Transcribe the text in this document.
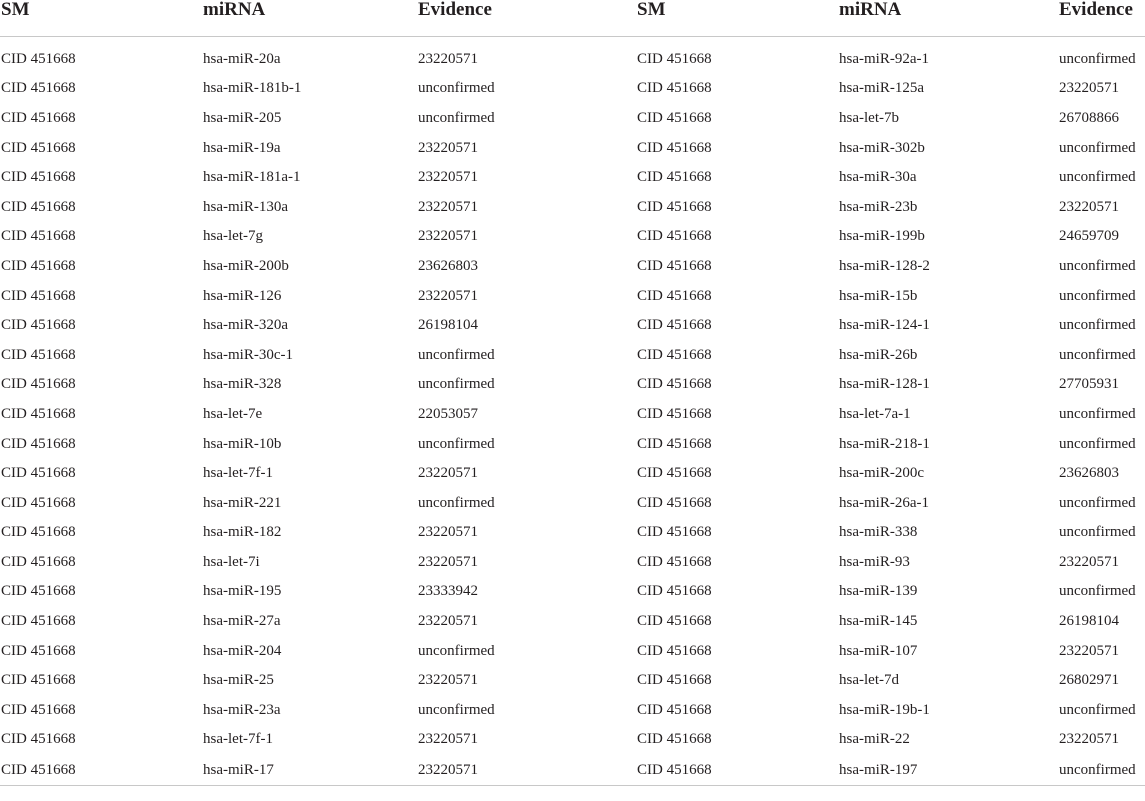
SM	miRNA	Evidence	SM	miRNA	Evidence
CID 451668	hsa-miR-20a	23220571	CID 451668	hsa-miR-92a-1	unconfirmed
CID 451668	hsa-miR-181b-1	unconfirmed	CID 451668	hsa-miR-125a	23220571
CID 451668	hsa-miR-205	unconfirmed	CID 451668	hsa-let-7b	26708866
CID 451668	hsa-miR-19a	23220571	CID 451668	hsa-miR-302b	unconfirmed
CID 451668	hsa-miR-181a-1	23220571	CID 451668	hsa-miR-30a	unconfirmed
CID 451668	hsa-miR-130a	23220571	CID 451668	hsa-miR-23b	23220571
CID 451668	hsa-let-7g	23220571	CID 451668	hsa-miR-199b	24659709
CID 451668	hsa-miR-200b	23626803	CID 451668	hsa-miR-128-2	unconfirmed
CID 451668	hsa-miR-126	23220571	CID 451668	hsa-miR-15b	unconfirmed
CID 451668	hsa-miR-320a	26198104	CID 451668	hsa-miR-124-1	unconfirmed
CID 451668	hsa-miR-30c-1	unconfirmed	CID 451668	hsa-miR-26b	unconfirmed
CID 451668	hsa-miR-328	unconfirmed	CID 451668	hsa-miR-128-1	27705931
CID 451668	hsa-let-7e	22053057	CID 451668	hsa-let-7a-1	unconfirmed
CID 451668	hsa-miR-10b	unconfirmed	CID 451668	hsa-miR-218-1	unconfirmed
CID 451668	hsa-let-7f-1	23220571	CID 451668	hsa-miR-200c	23626803
CID 451668	hsa-miR-221	unconfirmed	CID 451668	hsa-miR-26a-1	unconfirmed
CID 451668	hsa-miR-182	23220571	CID 451668	hsa-miR-338	unconfirmed
CID 451668	hsa-let-7i	23220571	CID 451668	hsa-miR-93	23220571
CID 451668	hsa-miR-195	23333942	CID 451668	hsa-miR-139	unconfirmed
CID 451668	hsa-miR-27a	23220571	CID 451668	hsa-miR-145	26198104
CID 451668	hsa-miR-204	unconfirmed	CID 451668	hsa-miR-107	23220571
CID 451668	hsa-miR-25	23220571	CID 451668	hsa-let-7d	26802971
CID 451668	hsa-miR-23a	unconfirmed	CID 451668	hsa-miR-19b-1	unconfirmed
CID 451668	hsa-let-7f-1	23220571	CID 451668	hsa-miR-22	23220571
CID 451668	hsa-miR-17	23220571	CID 451668	hsa-miR-197	unconfirmed
